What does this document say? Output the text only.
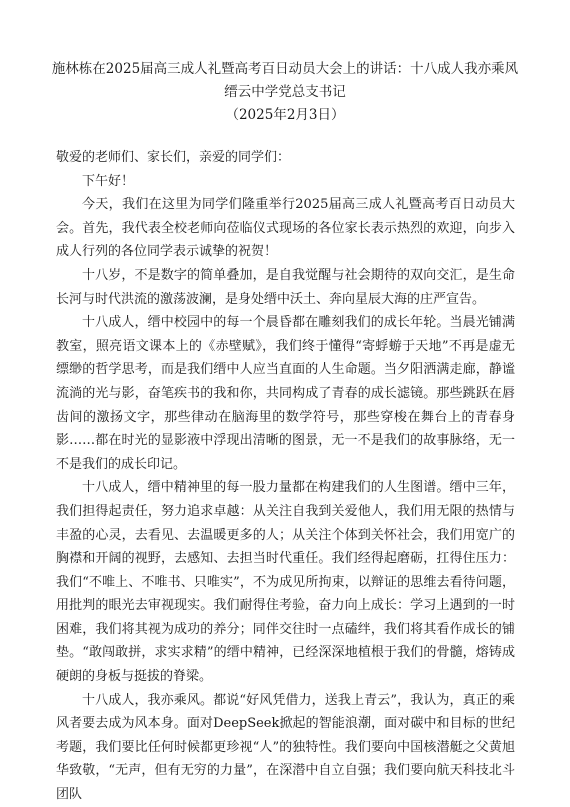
施林栋在2025届高三成人礼暨高考百日动员大会上的讲话：十八成人我亦乘风

缙云中学党总支书记

（2025年2月3日）

敬爱的老师们、家长们，亲爱的同学们：

下午好！

今天，我们在这里为同学们隆重举行2025届高三成人礼暨高考百日动员大会。首先，我代表全校老师向莅临仪式现场的各位家长表示热烈的欢迎，向步入成人行列的各位同学表示诚挚的祝贺！

十八岁，不是数字的简单叠加，是自我觉醒与社会期待的双向交汇，是生命长河与时代洪流的激荡波澜，是身处缙中沃土、奔向星辰大海的庄严宣告。

十八成人，缙中校园中的每一个晨昏都在雕刻我们的成长年轮。当晨光铺满教室，照亮语文课本上的《赤壁赋》，我们终于懂得“寄蜉蝣于天地”不再是虚无缥缈的哲学思考，而是我们缙中人应当直面的人生命题。当夕阳洒满走廊，静谧流淌的光与影，奋笔疾书的我和你，共同构成了青春的成长滤镜。那些跳跃在唇齿间的激扬文字，那些律动在脑海里的数学符号，那些穿梭在舞台上的青春身影……都在时光的显影液中浮现出清晰的图景，无一不是我们的故事脉络，无一不是我们的成长印记。

十八成人，缙中精神里的每一股力量都在构建我们的人生图谱。缙中三年，我们担得起责任，努力追求卓越：从关注自我到关爱他人，我们用无限的热情与丰盈的心灵，去看见、去温暖更多的人；从关注个体到关怀社会，我们用宽广的胸襟和开阔的视野，去感知、去担当时代重任。我们经得起磨砺，扛得住压力：我们“不唯上、不唯书、只唯实”，不为成见所拘束，以辩证的思维去看待问题，用批判的眼光去审视现实。我们耐得住考验，奋力向上成长：学习上遇到的一时困难，我们将其视为成功的养分；同伴交往时一点磕绊，我们将其看作成长的铺垫。“敢闯敢拼，求实求精”的缙中精神，已经深深地植根于我们的骨髓，熔铸成硬朗的身板与挺拔的脊梁。

十八成人，我亦乘风。都说“好风凭借力，送我上青云”，我认为，真正的乘风者要去成为风本身。面对DeepSeek掀起的智能浪潮，面对碳中和目标的世纪考题，我们要比任何时候都更珍视“人”的独特性。我们要向中国核潜艇之父黄旭华致敬，“无声，但有无穷的力量”，在深潜中自立自强；我们要向航天科技北斗团队
